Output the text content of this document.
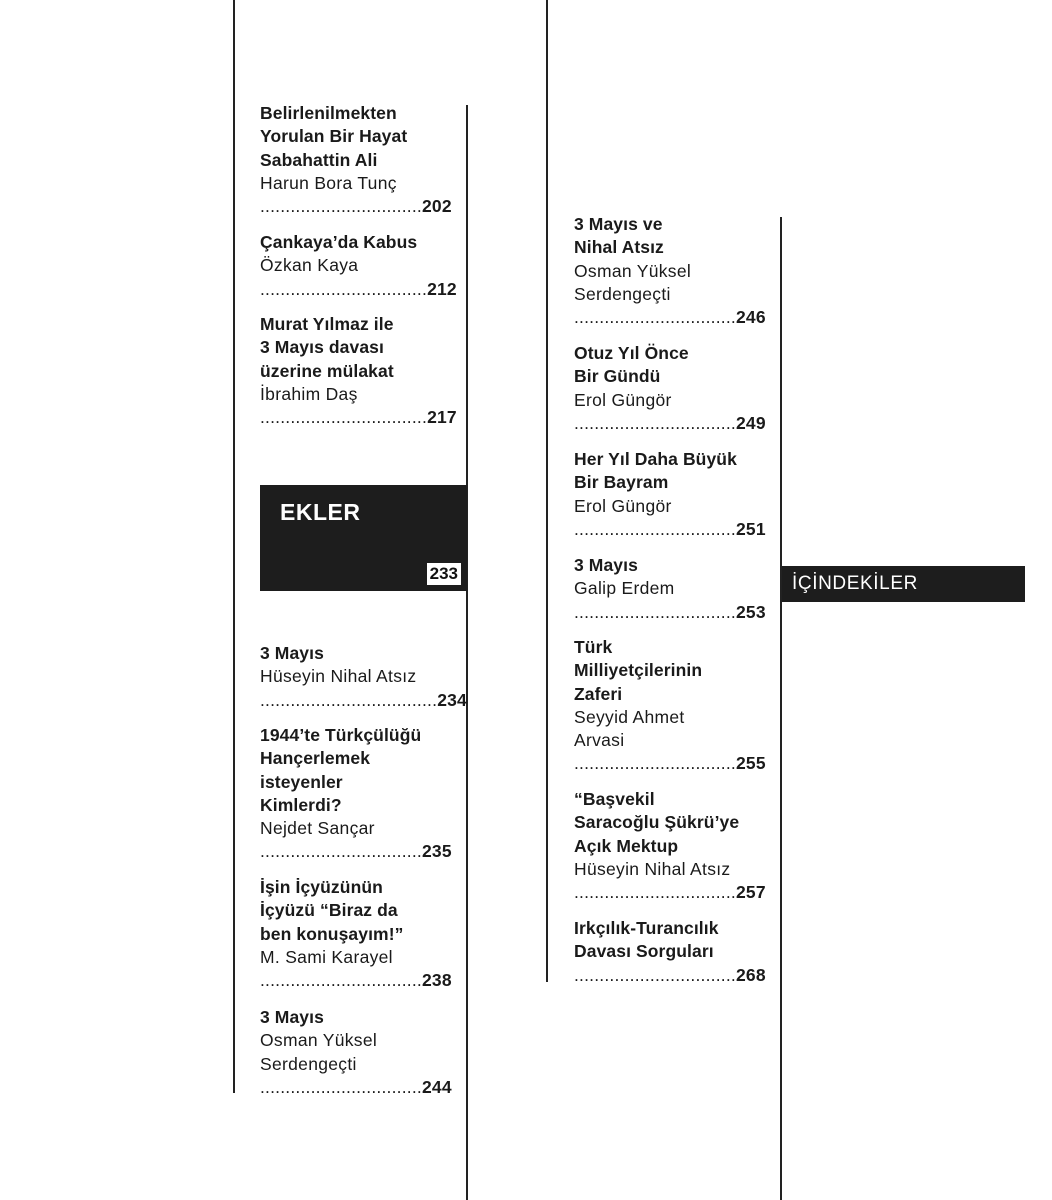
EKLER
233	İÇİNDEKİLER
Belirlenilmekten
Yorulan Bir Hayat
Sabahattin Ali
Harun Bora Tunç
................................202
Çankaya’da Kabus
Özkan Kaya
.................................212
Murat Yılmaz ile
3 Mayıs davası
üzerine mülakat
İbrahim Daş
.................................217
3 Mayıs
Hüseyin Nihal Atsız
...................................234
1944’te Türkçülüğü
Hançerlemek
isteyenler
Kimlerdi?
Nejdet Sançar
................................235
İşin İçyüzünün
İçyüzü “Biraz da
ben konuşayım!”
M. Sami Karayel
................................238
3 Mayıs
Osman Yüksel
Serdengeçti
................................244
3 Mayıs ve
Nihal Atsız
Osman Yüksel
Serdengeçti
................................246
Otuz Yıl Önce
Bir Gündü
Erol Güngör
................................249
Her Yıl Daha Büyük
Bir Bayram
Erol Güngör
................................251
3 Mayıs
Galip Erdem
................................253
Türk
Milliyetçilerinin
Zaferi
Seyyid Ahmet
Arvasi
................................255
“Başvekil
Saracoğlu Şükrü’ye
Açık Mektup
Hüseyin Nihal Atsız
................................257
Irkçılık-Turancılık
Davası Sorguları
................................268
